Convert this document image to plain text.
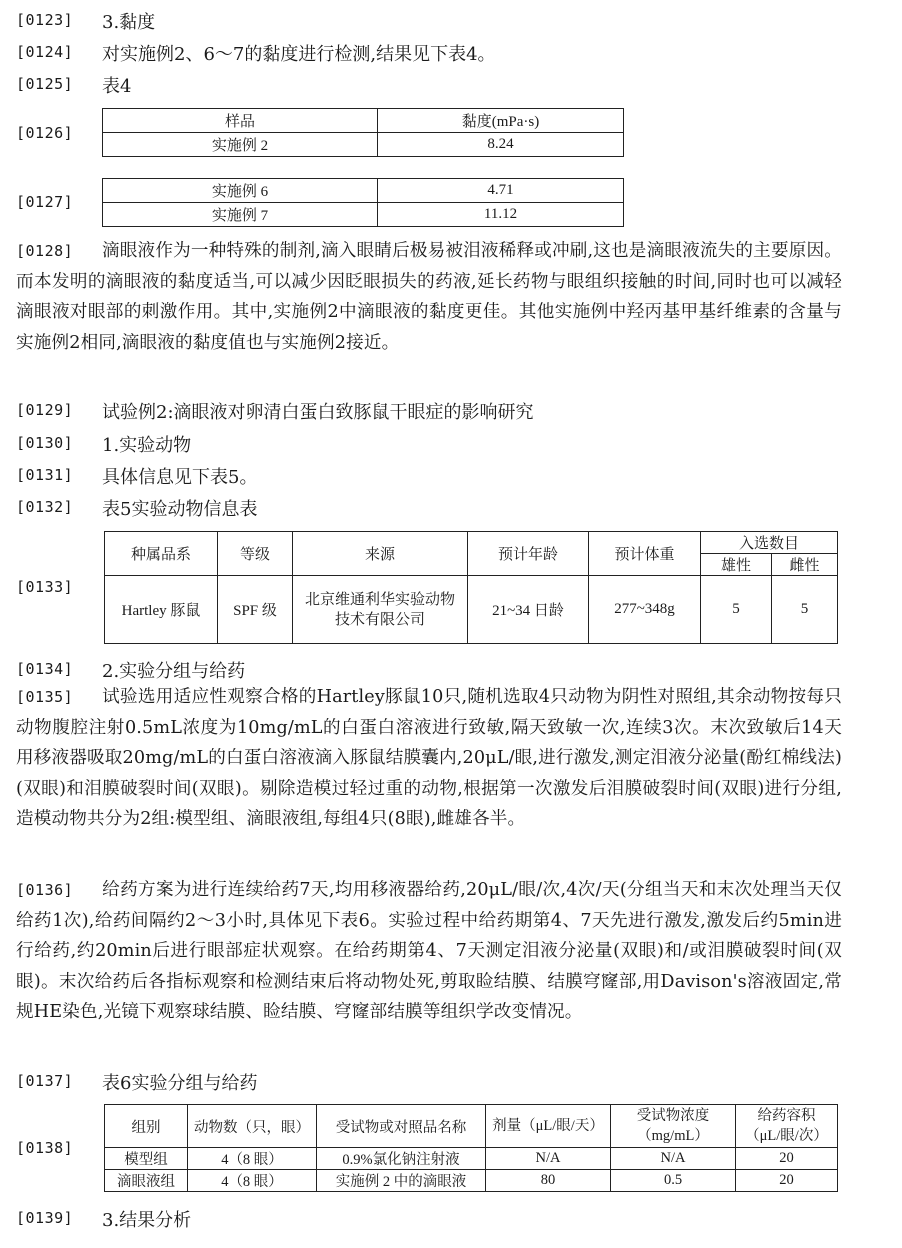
[0123] 3.黏度
[0124] 对实施例2、6～7的黏度进行检测,结果见下表4。
[0125] 表4
[0126]
样品	黏度(mPa·s)
实施例 2	8.24
[0127]
实施例 6	4.71
实施例 7	11.12
[0128] 滴眼液作为一种特殊的制剂,滴入眼睛后极易被泪液稀释或冲刷,这也是滴眼液流失的主要原因。而本发明的滴眼液的黏度适当,可以减少因眨眼损失的药液,延长药物与眼组织接触的时间,同时也可以减轻滴眼液对眼部的刺激作用。其中,实施例2中滴眼液的黏度更佳。其他实施例中羟丙基甲基纤维素的含量与实施例2相同,滴眼液的黏度值也与实施例2接近。
[0129] 试验例2:滴眼液对卵清白蛋白致豚鼠干眼症的影响研究
[0130] 1.实验动物
[0131] 具体信息见下表5。
[0132] 表5实验动物信息表
[0133]
种属品系	等级	来源	预计年龄	预计体重	入选数目	
					雄性	雌性
Hartley 豚鼠	SPF 级	北京维通利华实验动物技术有限公司	21~34 日龄	277~348g	5	5
[0134] 2.实验分组与给药
[0135] 试验选用适应性观察合格的Hartley豚鼠10只,随机选取4只动物为阴性对照组,其余动物按每只动物腹腔注射0.5mL浓度为10mg/mL的白蛋白溶液进行致敏,隔天致敏一次,连续3次。末次致敏后14天用移液器吸取20mg/mL的白蛋白溶液滴入豚鼠结膜囊内,20μL/眼,进行激发,测定泪液分泌量(酚红棉线法)(双眼)和泪膜破裂时间(双眼)。剔除造模过轻过重的动物,根据第一次激发后泪膜破裂时间(双眼)进行分组,造模动物共分为2组:模型组、滴眼液组,每组4只(8眼),雌雄各半。
[0136] 给药方案为进行连续给药7天,均用移液器给药,20μL/眼/次,4次/天(分组当天和末次处理当天仅给药1次),给药间隔约2～3小时,具体见下表6。实验过程中给药期第4、7天先进行激发,激发后约5min进行给药,约20min后进行眼部症状观察。在给药期第4、7天测定泪液分泌量(双眼)和/或泪膜破裂时间(双眼)。末次给药后各指标观察和检测结束后将动物处死,剪取睑结膜、结膜穹窿部,用Davison's溶液固定,常规HE染色,光镜下观察球结膜、睑结膜、穹窿部结膜等组织学改变情况。
[0137] 表6实验分组与给药
[0138]
组别	动物数（只，眼）	受试物或对照品名称	剂量（μL/眼/天）	受试物浓度（mg/mL）	给药容积（μL/眼/次）
模型组	4（8 眼）	0.9%氯化钠注射液	N/A	N/A	20
滴眼液组	4（8 眼）	实施例 2 中的滴眼液	80	0.5	20
[0139] 3.结果分析
